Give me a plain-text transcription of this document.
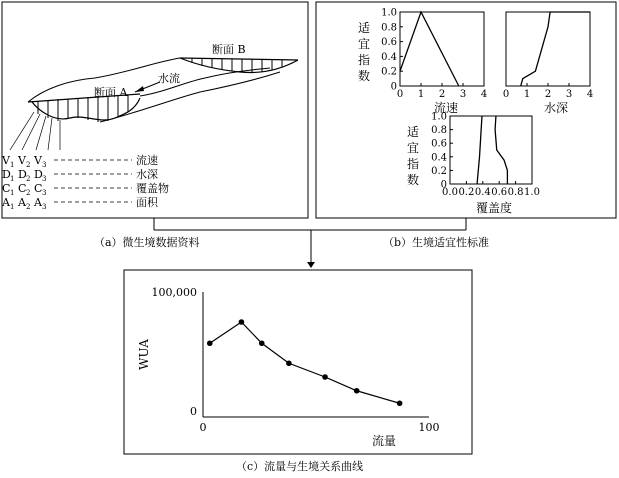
断面 B
断面 A
水流
V 1 V 2 V 3	流速
D 1 D 2 D 3	水深
C 1 C 2 C 3	覆盖物
A 1 A 2 A 3	面积
（a）微生境数据资料
适
宜
指
数
适
宜
指
数
0 1 2 3 4
0
0.2
0.4
0.6
0.8
1.0
流速
0 1 2 3 4
水深
0.0 0.2 0.4 0.6 0.8 1.0
0
0.2
0.4
0.6
0.8
1.0
覆盖度
（b）生境适宜性标准
100,000
0
0	100
WUA
流量
（c）流量与生境关系曲线
